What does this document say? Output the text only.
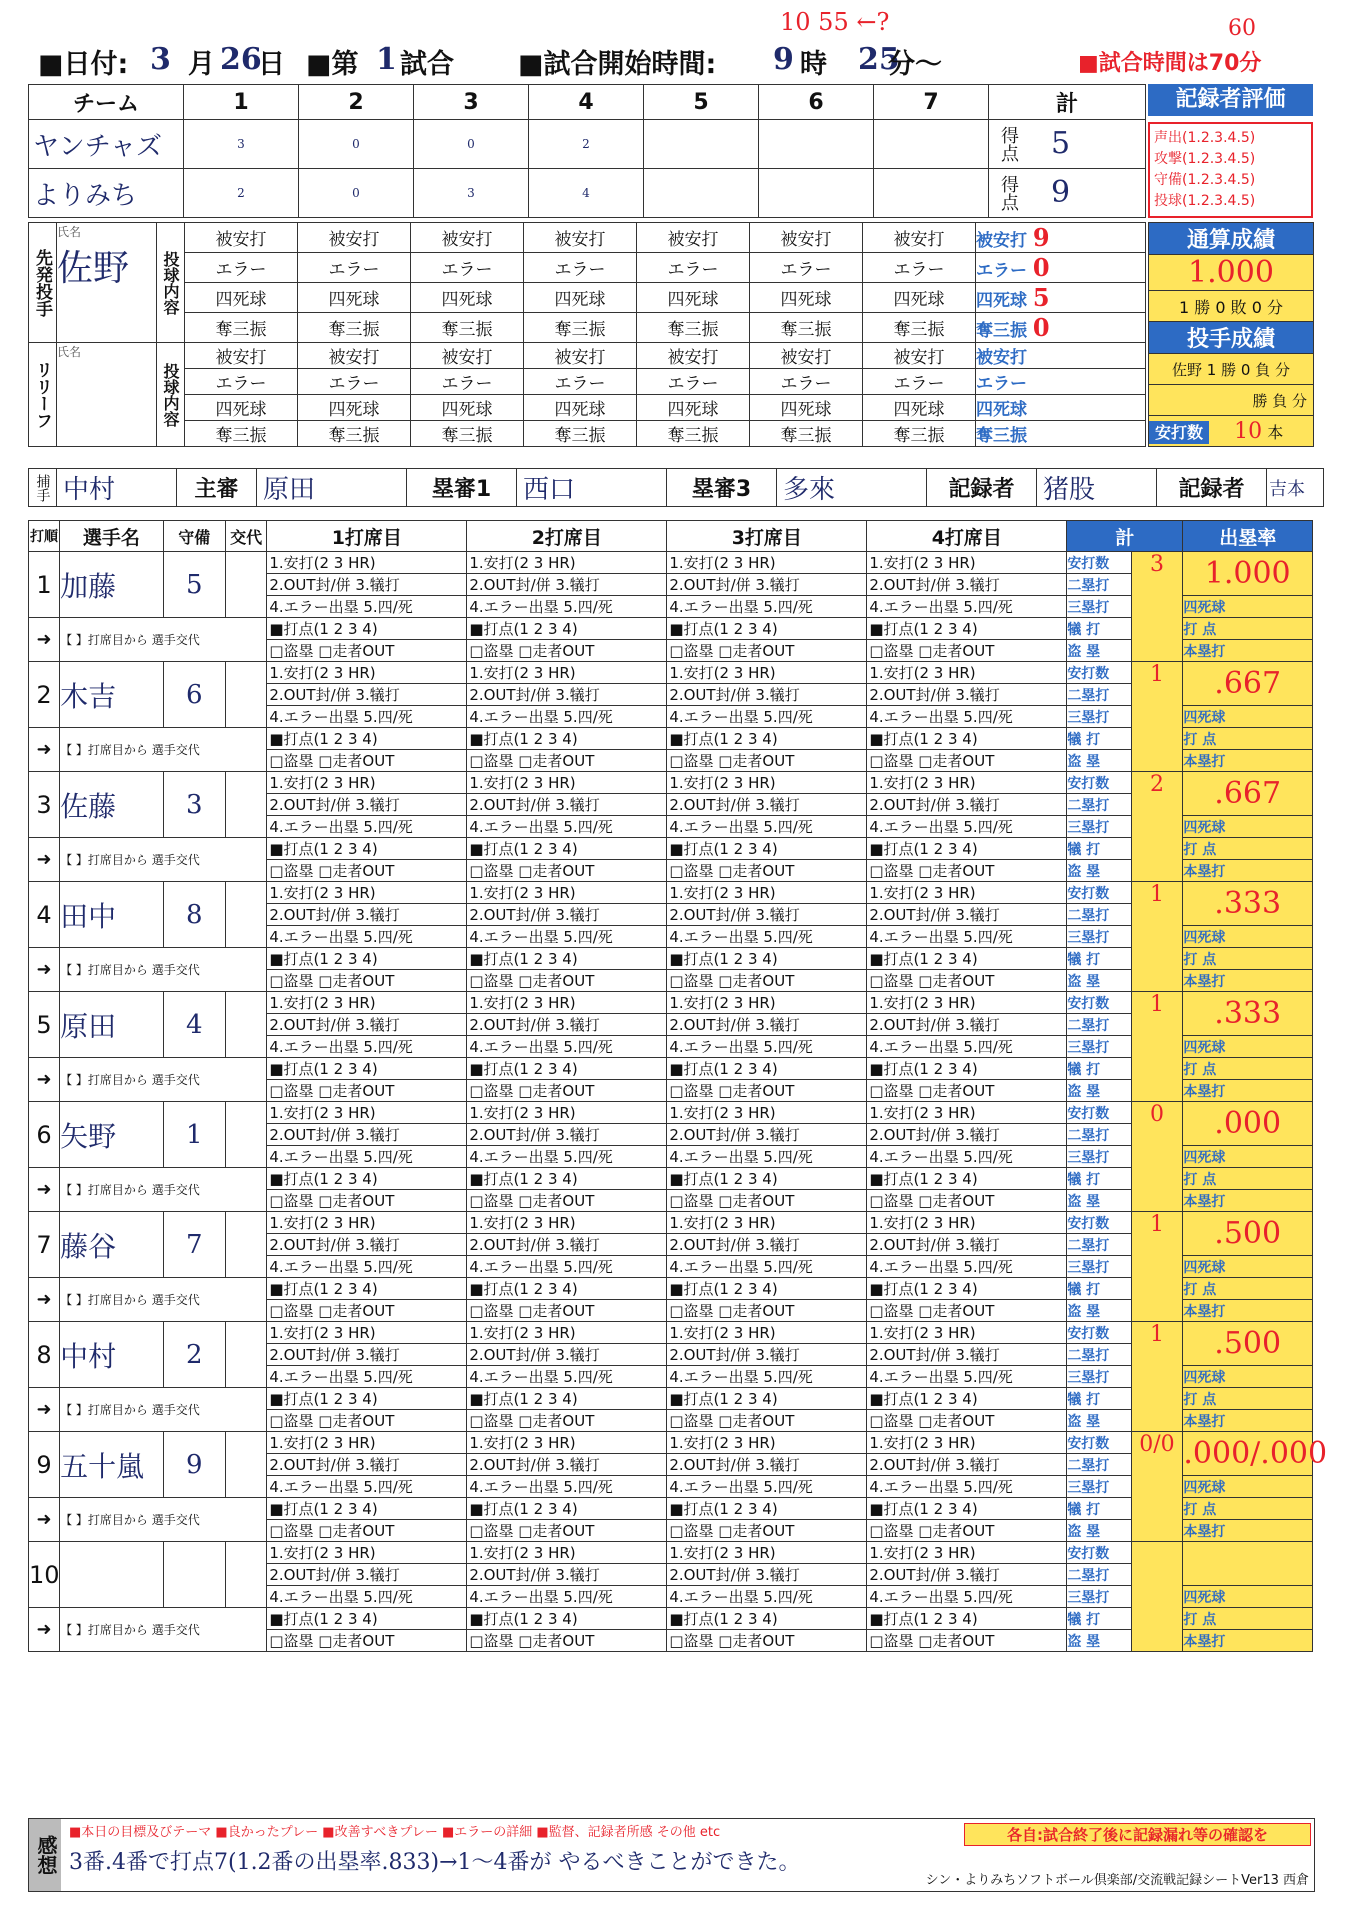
■日付: 3 月 26
日 ■第 1 試合 ■試合開始時間: 9 時 25
分〜
10 55 ←?
■試合時間は70分
60
チーム	1	2	3	4	5	6	7	計
ヤンチャズ	3	0	0	2				得点 5
よりみち	2	0	3	4				得点 9
記録者評価
声出(1.2.3.4.5)
攻撃(1.2.3.4.5)
守備(1.2.3.4.5)
投球(1.2.3.4.5)
先発投手	氏名
佐野	投球内容	被安打	被安打	被安打	被安打	被安打	被安打	被安打	被安打 9
			エラー	エラー	エラー	エラー	エラー	エラー	エラー	エラー 0
			四死球	四死球	四死球	四死球	四死球	四死球	四死球	四死球 5
			奪三振	奪三振	奪三振	奪三振	奪三振	奪三振	奪三振	奪三振 0
リリーフ	氏名	投球内容	被安打	被安打	被安打	被安打	被安打	被安打	被安打	被安打
			エラー	エラー	エラー	エラー	エラー	エラー	エラー	エラー
			四死球	四死球	四死球	四死球	四死球	四死球	四死球	四死球
			奪三振	奪三振	奪三振	奪三振	奪三振	奪三振	奪三振	奪三振
通算成績
1.000
1 勝 0 敗 0 分
投手成績
佐野 1 勝 0 負 分
勝 負 分
安打数 10 本
捕手	中村	主審	原田	塁審1	西口	塁審3	多來	記録者	猪股	記録者	吉本
打順	選手名	守備	交代	1打席目	2打席目	3打席目	4打席目	計	出塁率
1	加藤	5		1.安打(2 3 HR)	1.安打(2 3 HR)	1.安打(2 3 HR)	1.安打(2 3 HR)	安打数	3	1.000
				2.OUT封/併 3.犠打	2.OUT封/併 3.犠打	2.OUT封/併 3.犠打	2.OUT封/併 3.犠打	二塁打		
				4.エラー出塁 5.四/死	4.エラー出塁 5.四/死	4.エラー出塁 5.四/死	4.エラー出塁 5.四/死	三塁打		四死球
➜	【 】打席目から 選手交代			■打点(1 2 3 4)	■打点(1 2 3 4)	■打点(1 2 3 4)	■打点(1 2 3 4)	犠 打		打 点
				□盗塁 □走者OUT	□盗塁 □走者OUT	□盗塁 □走者OUT	□盗塁 □走者OUT	盗 塁		本塁打
2	木吉	6		1.安打(2 3 HR)	1.安打(2 3 HR)	1.安打(2 3 HR)	1.安打(2 3 HR)	安打数	1	.667
				2.OUT封/併 3.犠打	2.OUT封/併 3.犠打	2.OUT封/併 3.犠打	2.OUT封/併 3.犠打	二塁打		
				4.エラー出塁 5.四/死	4.エラー出塁 5.四/死	4.エラー出塁 5.四/死	4.エラー出塁 5.四/死	三塁打		四死球
➜	【 】打席目から 選手交代			■打点(1 2 3 4)	■打点(1 2 3 4)	■打点(1 2 3 4)	■打点(1 2 3 4)	犠 打		打 点
				□盗塁 □走者OUT	□盗塁 □走者OUT	□盗塁 □走者OUT	□盗塁 □走者OUT	盗 塁		本塁打
3	佐藤	3		1.安打(2 3 HR)	1.安打(2 3 HR)	1.安打(2 3 HR)	1.安打(2 3 HR)	安打数	2	.667
				2.OUT封/併 3.犠打	2.OUT封/併 3.犠打	2.OUT封/併 3.犠打	2.OUT封/併 3.犠打	二塁打		
				4.エラー出塁 5.四/死	4.エラー出塁 5.四/死	4.エラー出塁 5.四/死	4.エラー出塁 5.四/死	三塁打		四死球
➜	【 】打席目から 選手交代			■打点(1 2 3 4)	■打点(1 2 3 4)	■打点(1 2 3 4)	■打点(1 2 3 4)	犠 打		打 点
				□盗塁 □走者OUT	□盗塁 □走者OUT	□盗塁 □走者OUT	□盗塁 □走者OUT	盗 塁		本塁打
4	田中	8		1.安打(2 3 HR)	1.安打(2 3 HR)	1.安打(2 3 HR)	1.安打(2 3 HR)	安打数	1	.333
				2.OUT封/併 3.犠打	2.OUT封/併 3.犠打	2.OUT封/併 3.犠打	2.OUT封/併 3.犠打	二塁打		
				4.エラー出塁 5.四/死	4.エラー出塁 5.四/死	4.エラー出塁 5.四/死	4.エラー出塁 5.四/死	三塁打		四死球
➜	【 】打席目から 選手交代			■打点(1 2 3 4)	■打点(1 2 3 4)	■打点(1 2 3 4)	■打点(1 2 3 4)	犠 打		打 点
				□盗塁 □走者OUT	□盗塁 □走者OUT	□盗塁 □走者OUT	□盗塁 □走者OUT	盗 塁		本塁打
5	原田	4		1.安打(2 3 HR)	1.安打(2 3 HR)	1.安打(2 3 HR)	1.安打(2 3 HR)	安打数	1	.333
				2.OUT封/併 3.犠打	2.OUT封/併 3.犠打	2.OUT封/併 3.犠打	2.OUT封/併 3.犠打	二塁打		
				4.エラー出塁 5.四/死	4.エラー出塁 5.四/死	4.エラー出塁 5.四/死	4.エラー出塁 5.四/死	三塁打		四死球
➜	【 】打席目から 選手交代			■打点(1 2 3 4)	■打点(1 2 3 4)	■打点(1 2 3 4)	■打点(1 2 3 4)	犠 打		打 点
				□盗塁 □走者OUT	□盗塁 □走者OUT	□盗塁 □走者OUT	□盗塁 □走者OUT	盗 塁		本塁打
6	矢野	1		1.安打(2 3 HR)	1.安打(2 3 HR)	1.安打(2 3 HR)	1.安打(2 3 HR)	安打数	0	.000
				2.OUT封/併 3.犠打	2.OUT封/併 3.犠打	2.OUT封/併 3.犠打	2.OUT封/併 3.犠打	二塁打		
				4.エラー出塁 5.四/死	4.エラー出塁 5.四/死	4.エラー出塁 5.四/死	4.エラー出塁 5.四/死	三塁打		四死球
➜	【 】打席目から 選手交代			■打点(1 2 3 4)	■打点(1 2 3 4)	■打点(1 2 3 4)	■打点(1 2 3 4)	犠 打		打 点
				□盗塁 □走者OUT	□盗塁 □走者OUT	□盗塁 □走者OUT	□盗塁 □走者OUT	盗 塁		本塁打
7	藤谷	7		1.安打(2 3 HR)	1.安打(2 3 HR)	1.安打(2 3 HR)	1.安打(2 3 HR)	安打数	1	.500
				2.OUT封/併 3.犠打	2.OUT封/併 3.犠打	2.OUT封/併 3.犠打	2.OUT封/併 3.犠打	二塁打		
				4.エラー出塁 5.四/死	4.エラー出塁 5.四/死	4.エラー出塁 5.四/死	4.エラー出塁 5.四/死	三塁打		四死球
➜	【 】打席目から 選手交代			■打点(1 2 3 4)	■打点(1 2 3 4)	■打点(1 2 3 4)	■打点(1 2 3 4)	犠 打		打 点
				□盗塁 □走者OUT	□盗塁 □走者OUT	□盗塁 □走者OUT	□盗塁 □走者OUT	盗 塁		本塁打
8	中村	2		1.安打(2 3 HR)	1.安打(2 3 HR)	1.安打(2 3 HR)	1.安打(2 3 HR)	安打数	1	.500
				2.OUT封/併 3.犠打	2.OUT封/併 3.犠打	2.OUT封/併 3.犠打	2.OUT封/併 3.犠打	二塁打		
				4.エラー出塁 5.四/死	4.エラー出塁 5.四/死	4.エラー出塁 5.四/死	4.エラー出塁 5.四/死	三塁打		四死球
➜	【 】打席目から 選手交代			■打点(1 2 3 4)	■打点(1 2 3 4)	■打点(1 2 3 4)	■打点(1 2 3 4)	犠 打		打 点
				□盗塁 □走者OUT	□盗塁 □走者OUT	□盗塁 □走者OUT	□盗塁 □走者OUT	盗 塁		本塁打
9	五十嵐	9		1.安打(2 3 HR)	1.安打(2 3 HR)	1.安打(2 3 HR)	1.安打(2 3 HR)	安打数	0/0	.000/.000
				2.OUT封/併 3.犠打	2.OUT封/併 3.犠打	2.OUT封/併 3.犠打	2.OUT封/併 3.犠打	二塁打		
				4.エラー出塁 5.四/死	4.エラー出塁 5.四/死	4.エラー出塁 5.四/死	4.エラー出塁 5.四/死	三塁打		四死球
➜	【 】打席目から 選手交代			■打点(1 2 3 4)	■打点(1 2 3 4)	■打点(1 2 3 4)	■打点(1 2 3 4)	犠 打		打 点
				□盗塁 □走者OUT	□盗塁 □走者OUT	□盗塁 □走者OUT	□盗塁 □走者OUT	盗 塁		本塁打
10				1.安打(2 3 HR)	1.安打(2 3 HR)	1.安打(2 3 HR)	1.安打(2 3 HR)	安打数		
				2.OUT封/併 3.犠打	2.OUT封/併 3.犠打	2.OUT封/併 3.犠打	2.OUT封/併 3.犠打	二塁打		
				4.エラー出塁 5.四/死	4.エラー出塁 5.四/死	4.エラー出塁 5.四/死	4.エラー出塁 5.四/死	三塁打		四死球
➜	【 】打席目から 選手交代			■打点(1 2 3 4)	■打点(1 2 3 4)	■打点(1 2 3 4)	■打点(1 2 3 4)	犠 打		打 点
				□盗塁 □走者OUT	□盗塁 □走者OUT	□盗塁 □走者OUT	□盗塁 □走者OUT	盗 塁		本塁打
感想
■本日の目標及びテーマ ■良かったプレー ■改善すべきプレー ■エラーの詳細 ■監督、記録者所感 その他 etc	各自:試合終了後に記録漏れ等の確認を
3番.4番で打点7(1.2番の出塁率.833)→1〜4番が やるべきことができた。
シン・よりみちソフトボール倶楽部/交流戦記録シートVer13 西倉
